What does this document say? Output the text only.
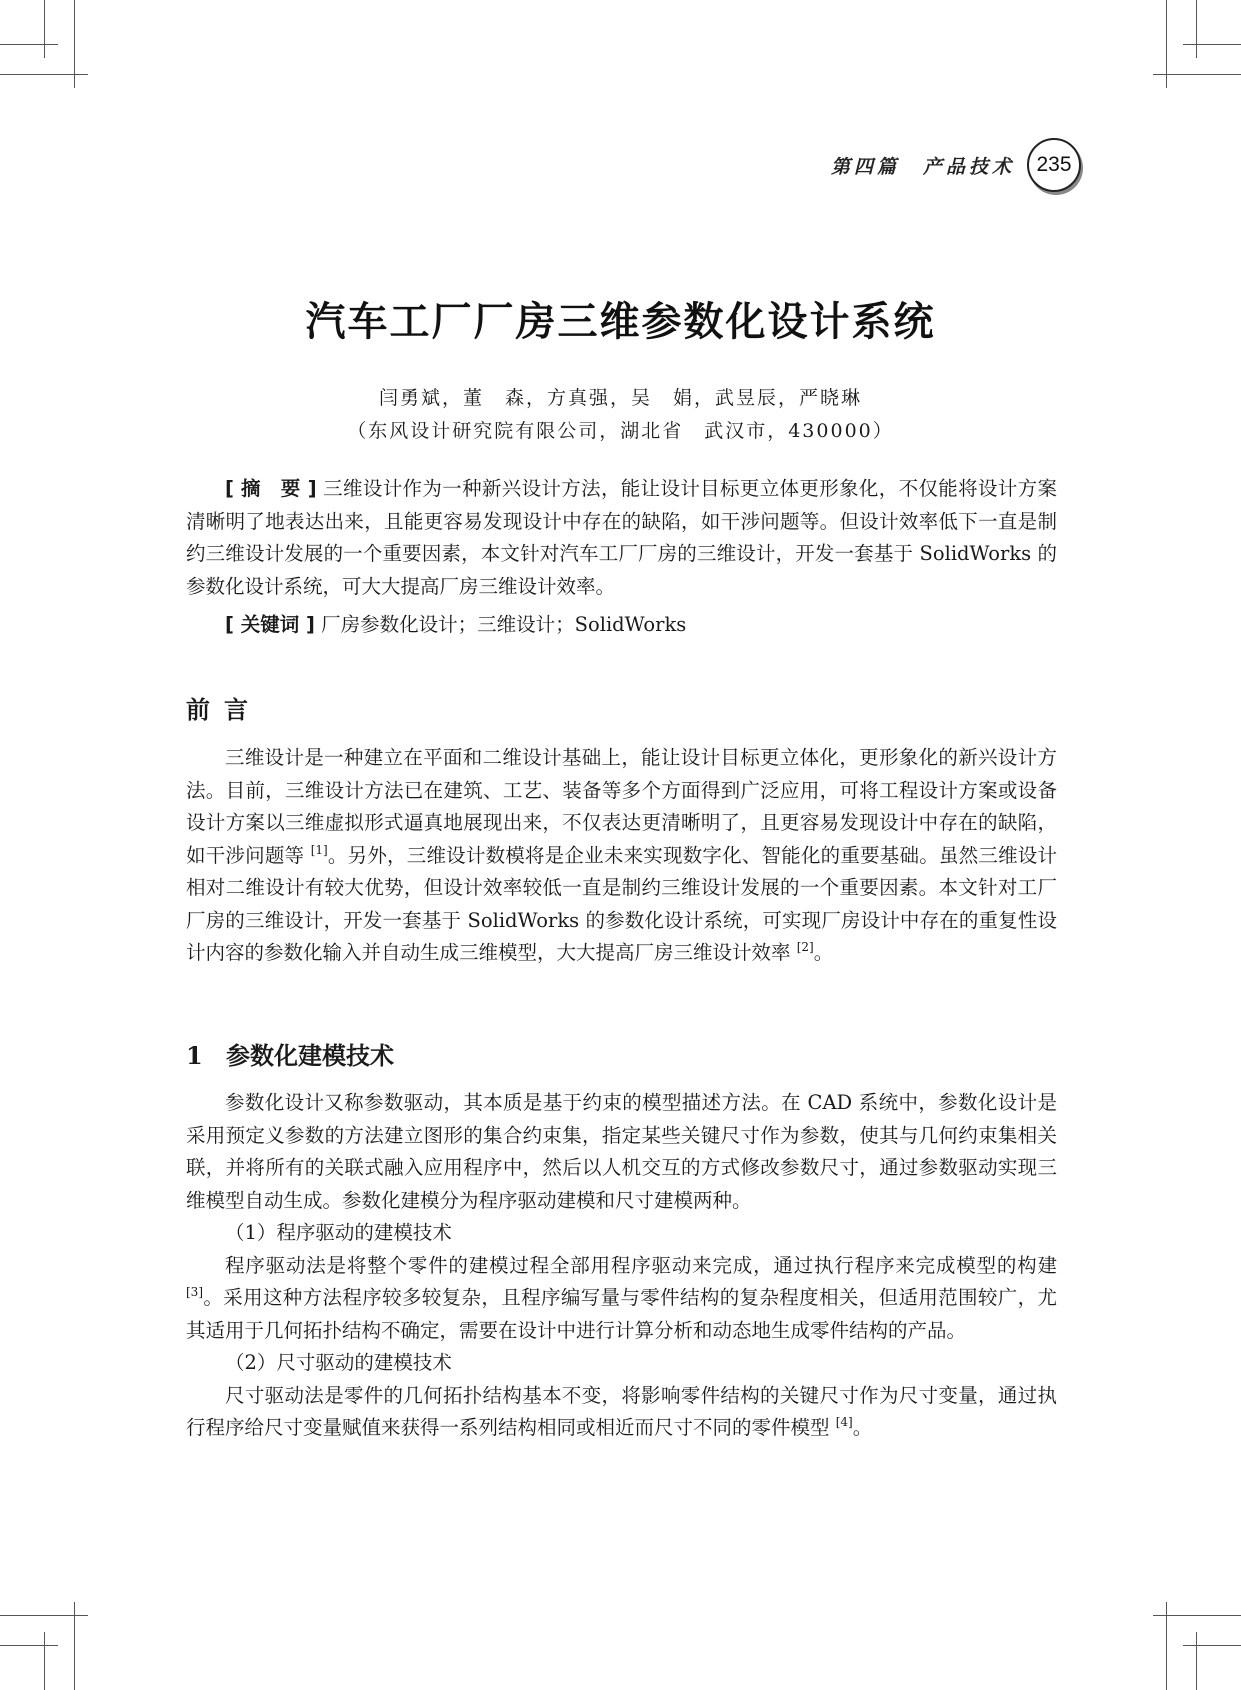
第四篇　产品技术	235
汽车工厂厂房三维参数化设计系统
闫勇斌，董　森，方真强，吴　娟，武昱辰，严晓琳
（东风设计研究院有限公司，湖北省　武汉市，430000）

[ 摘　要 ] 三维设计作为一种新兴设计方法，能让设计目标更立体更形象化，不仅能将设计方案清晰明了地表达出来，且能更容易发现设计中存在的缺陷，如干涉问题等。但设计效率低下一直是制约三维设计发展的一个重要因素，本文针对汽车工厂厂房的三维设计，开发一套基于 SolidWorks 的参数化设计系统，可大大提高厂房三维设计效率。

[ 关键词 ] 厂房参数化设计；三维设计；SolidWorks

前言

三维设计是一种建立在平面和二维设计基础上，能让设计目标更立体化，更形象化的新兴设计方法。目前，三维设计方法已在建筑、工艺、装备等多个方面得到广泛应用，可将工程设计方案或设备设计方案以三维虚拟形式逼真地展现出来，不仅表达更清晰明了，且更容易发现设计中存在的缺陷，如干涉问题等 [1]。另外，三维设计数模将是企业未来实现数字化、智能化的重要基础。虽然三维设计相对二维设计有较大优势，但设计效率较低一直是制约三维设计发展的一个重要因素。本文针对工厂厂房的三维设计，开发一套基于 SolidWorks 的参数化设计系统，可实现厂房设计中存在的重复性设计内容的参数化输入并自动生成三维模型，大大提高厂房三维设计效率 [2]。

1 参数化建模技术

参数化设计又称参数驱动，其本质是基于约束的模型描述方法。在 CAD 系统中，参数化设计是采用预定义参数的方法建立图形的集合约束集，指定某些关键尺寸作为参数，使其与几何约束集相关联，并将所有的关联式融入应用程序中，然后以人机交互的方式修改参数尺寸，通过参数驱动实现三维模型自动生成。参数化建模分为程序驱动建模和尺寸建模两种。

（1）程序驱动的建模技术

程序驱动法是将整个零件的建模过程全部用程序驱动来完成，通过执行程序来完成模型的构建 [3]。采用这种方法程序较多较复杂，且程序编写量与零件结构的复杂程度相关，但适用范围较广，尤其适用于几何拓扑结构不确定，需要在设计中进行计算分析和动态地生成零件结构的产品。

（2）尺寸驱动的建模技术

尺寸驱动法是零件的几何拓扑结构基本不变，将影响零件结构的关键尺寸作为尺寸变量，通过执行程序给尺寸变量赋值来获得一系列结构相同或相近而尺寸不同的零件模型 [4]。
